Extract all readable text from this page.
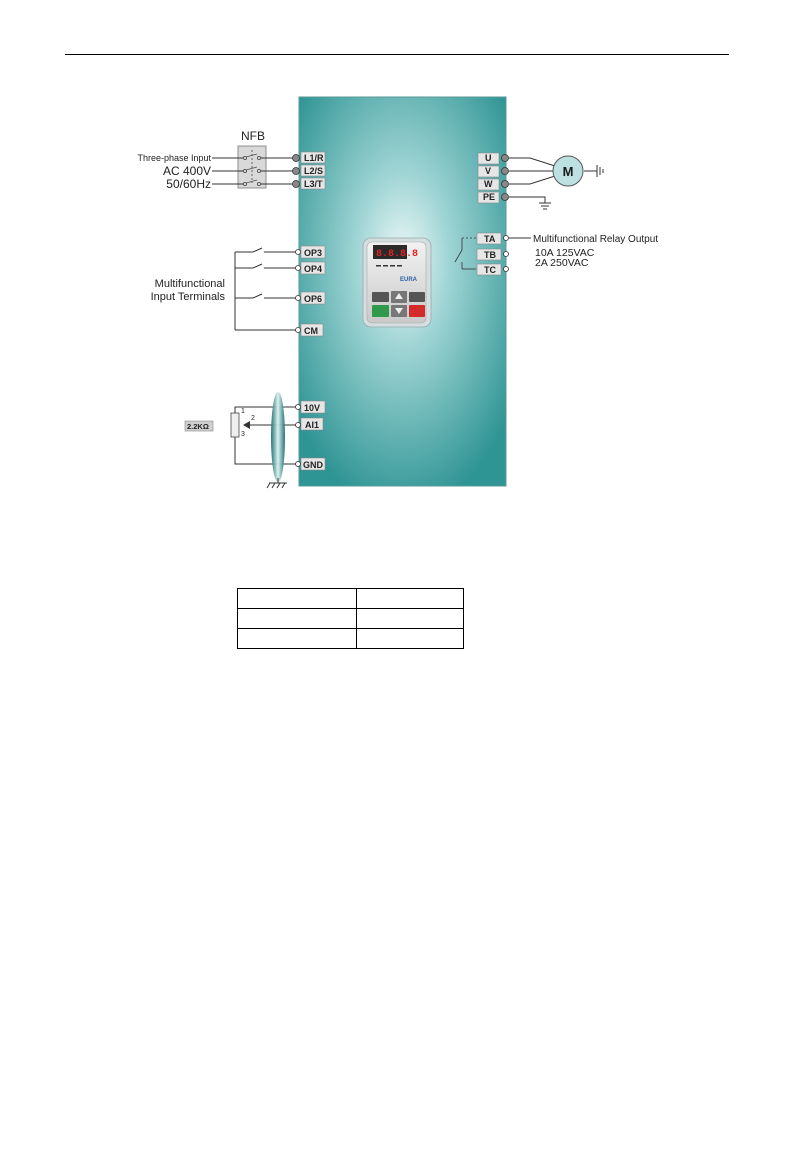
NFB
Three-phase Input
AC 400V
50/60Hz
L1/R
L2/S
L3/T
U
V
W
PE
M
Multifunctional
Input Terminals
OP3
OP4
OP6
CM
TA
TB
TC
Multifunctional Relay Output
10A 125VAC
2A 250VAC
1
2
3
2.2KΩ
10V
AI1
GND
8.8.8.8
EURA
